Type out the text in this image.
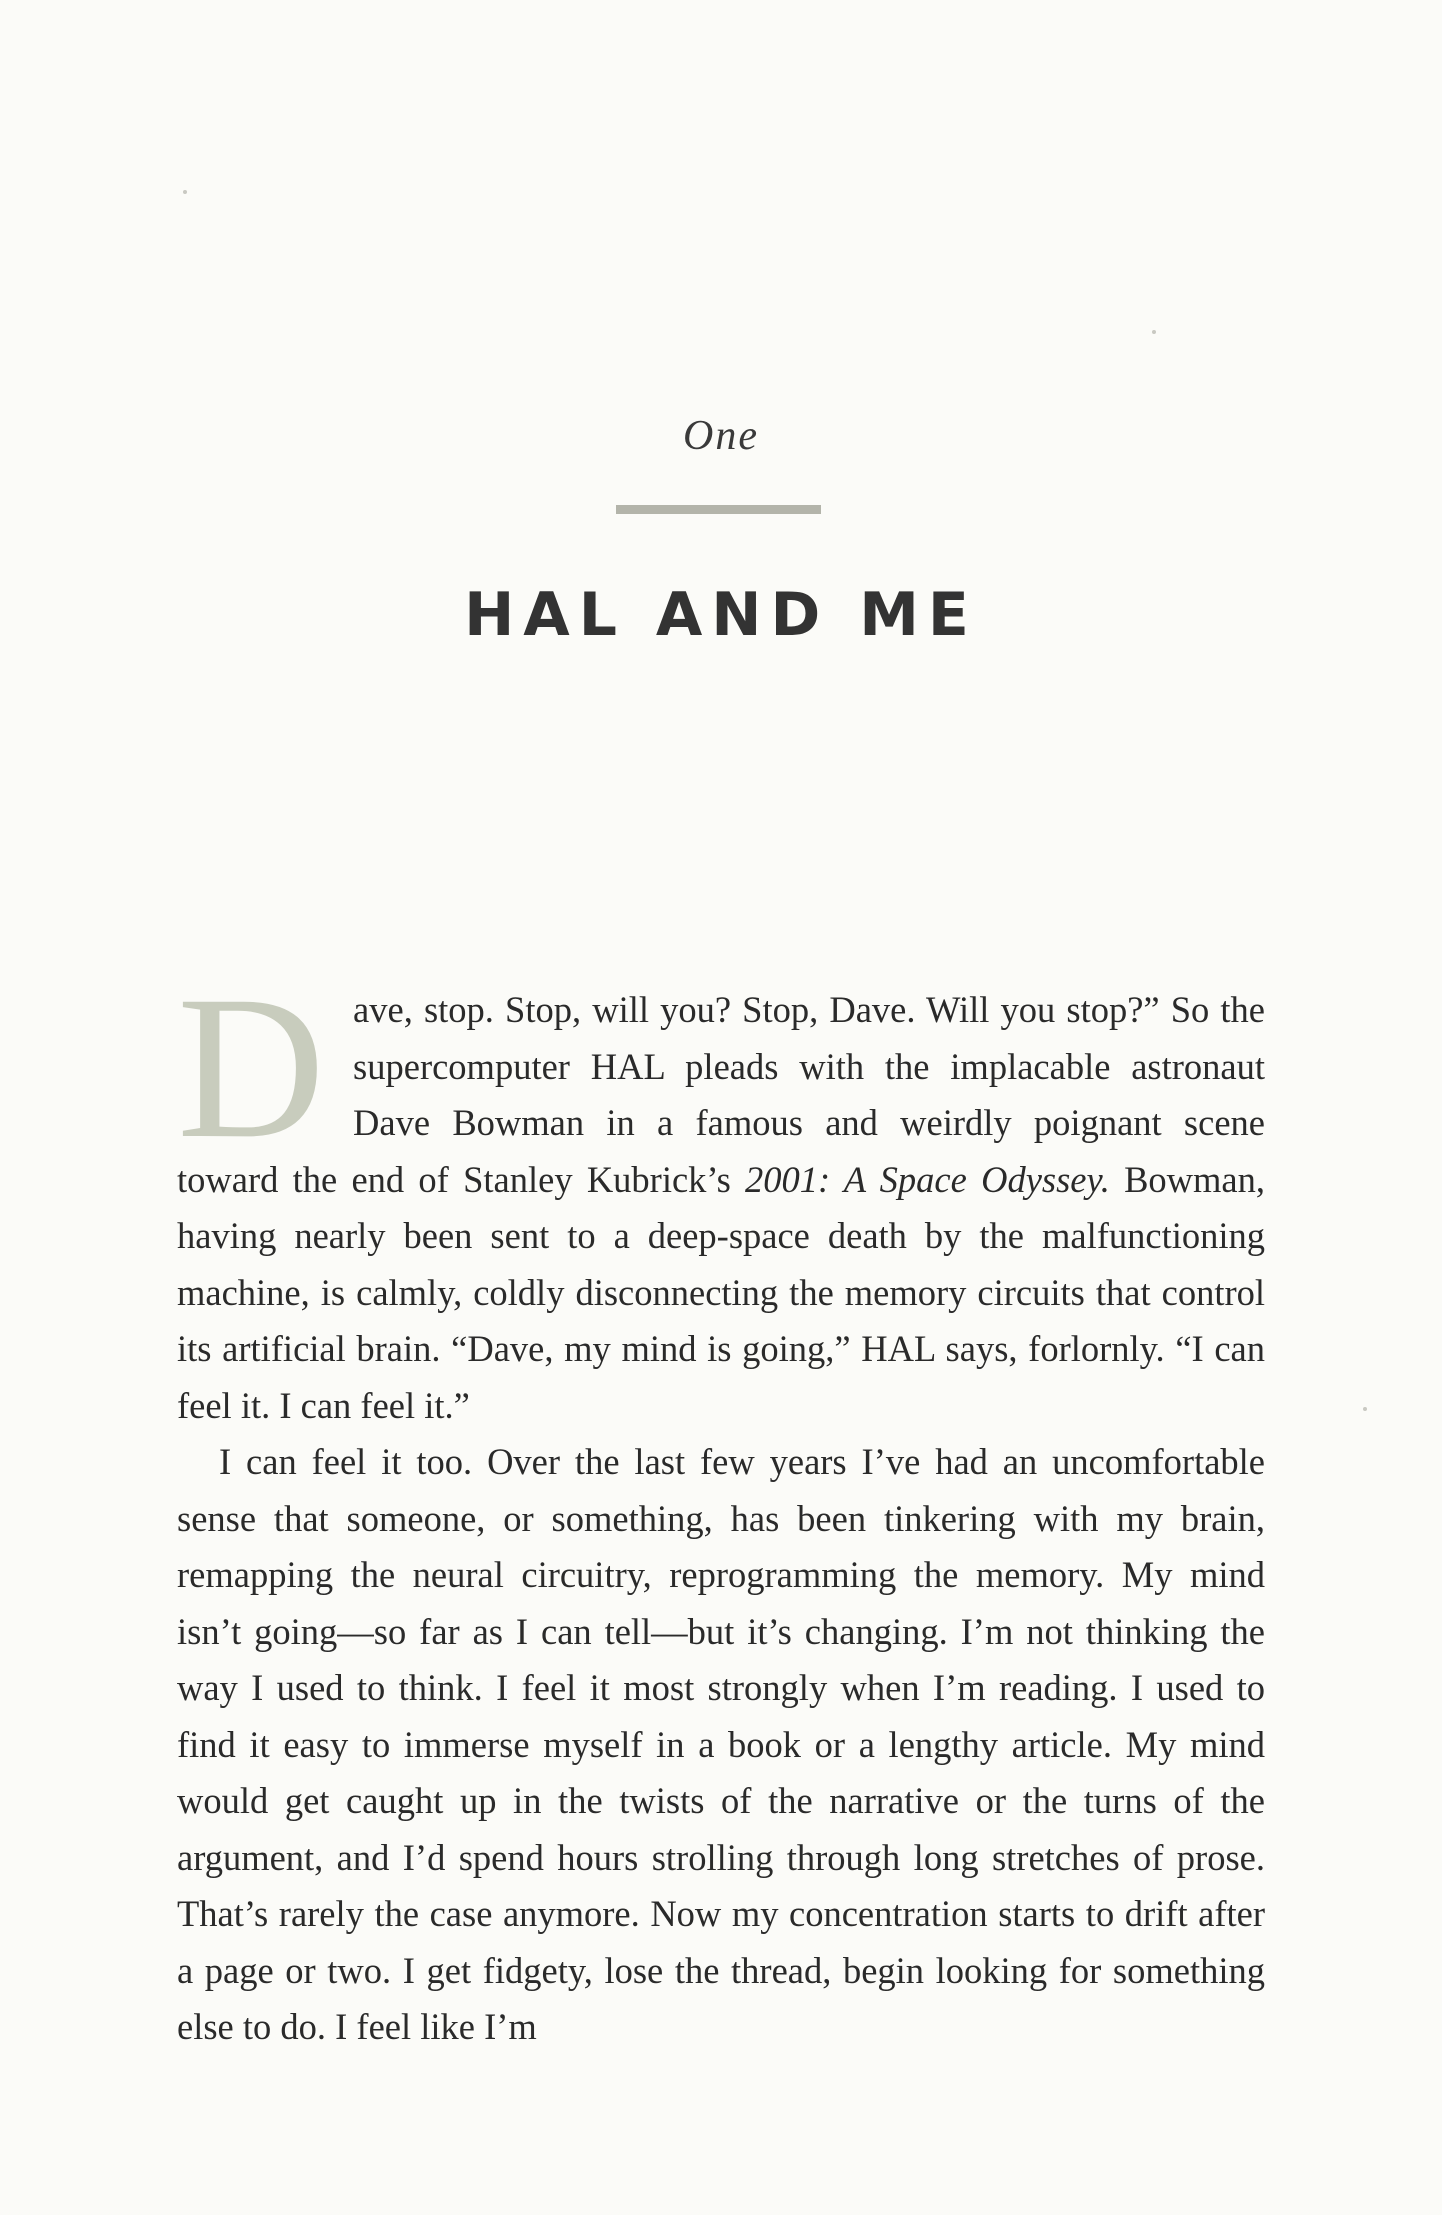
One
HAL AND ME

Dave, stop. Stop, will you? Stop, Dave. Will you stop?” So the supercomputer HAL pleads with the implacable astronaut Dave Bowman in a famous and weirdly poignant scene toward the end of Stanley Kubrick’s 2001: A Space Odyssey. Bowman, having nearly been sent to a deep-space death by the malfunctioning machine, is calmly, coldly disconnecting the memory circuits that control its artificial brain. “Dave, my mind is going,” HAL says, forlornly. “I can feel it. I can feel it.”

I can feel it too. Over the last few years I’ve had an uncomfortable sense that someone, or something, has been tinkering with my brain, remapping the neural circuitry, reprogramming the memory. My mind isn’t going—so far as I can tell—but it’s changing. I’m not thinking the way I used to think. I feel it most strongly when I’m reading. I used to find it easy to immerse myself in a book or a lengthy article. My mind would get caught up in the twists of the narrative or the turns of the argument, and I’d spend hours strolling through long stretches of prose. That’s rarely the case anymore. Now my concentration starts to drift after a page or two. I get fidgety, lose the thread, begin looking for something else to do. I feel like I’m
